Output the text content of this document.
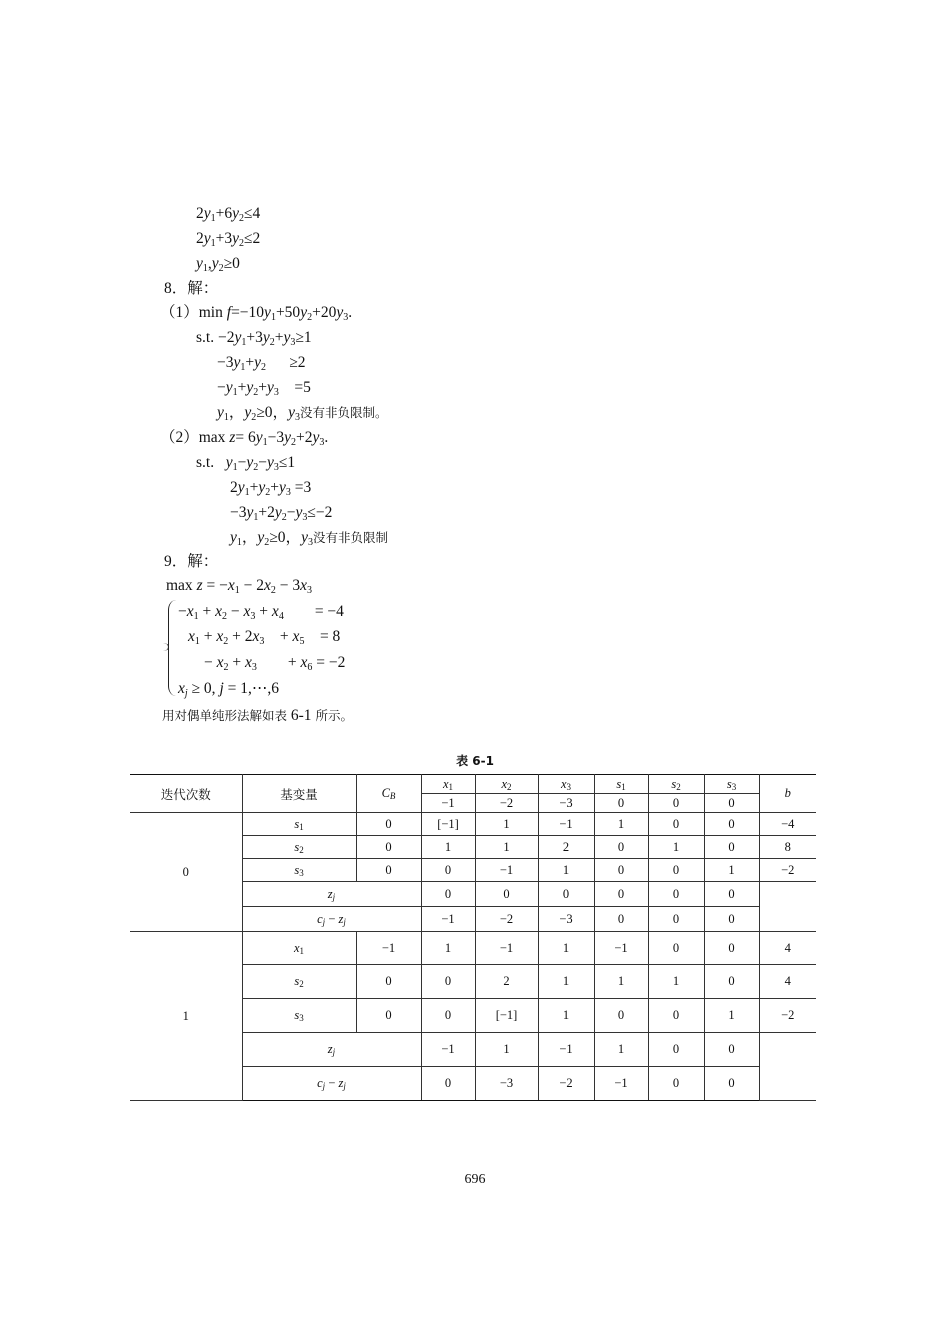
$2y_1+6y_2\le 4$
$2y_1+3y_2\le 2$
$y_1,y_2\ge 0$
8．解：
（1）min $f=-10y_1+50y_2+20y_3$.
s.t. $-2y_1+3y_2+y_3\ge 1$
$-3y_1+y_2$      ≥2
$-y_1+y_2+y_3$    =5
$y_1$，$y_2\ge 0$，$y_3$没有非负限制。
（2）max $z= 6y_1-3y_2+2y_3$.
s.t.   $y_1-y_2-y_3\le 1$
$2y_1+y_2+y_3 =3$
$-3y_1+2y_2-y_3\le-2$
$y_1$，$y_2\ge 0$，$y_3$没有非负限制
9．解：
$\max z = -x_1 - 2x_2 - 3x_3$
$-x_1 + x_2 - x_3 + x_4$        = −4
$x_1 + x_2 + 2x_3$    + $x_5$    = 8
− $x_2 + x_3$        + $x_6 = -2$
$x_j \ge 0$, j = 1,⋯,6
用对偶单纯形法解如表 6-1 所示。
表 6-1
迭代次数	基变量	$C_B$	$x_1$	$x_2$	$x_3$	$s_1$	$s_2$	$s_3$	b
			−1	−2	−3	0	0	0	
0	$s_1$	0	[−1]	1	−1	1	0	0	−4
	$s_2$	0	1	1	2	0	1	0	8
	$s_3$	0	0	−1	1	0	0	1	−2
	$z_j$		0	0	0	0	0	0	
	$c_j - z_j$		−1	−2	−3	0	0	0	
1	$x_1$	−1	1	−1	1	−1	0	0	4
	$s_2$	0	0	2	1	1	1	0	4
	$s_3$	0	0	[−1]	1	0	0	1	−2
	$z_j$		−1	1	−1	1	0	0	
	$c_j - z_j$		0	−3	−2	−1	0	0	
696
